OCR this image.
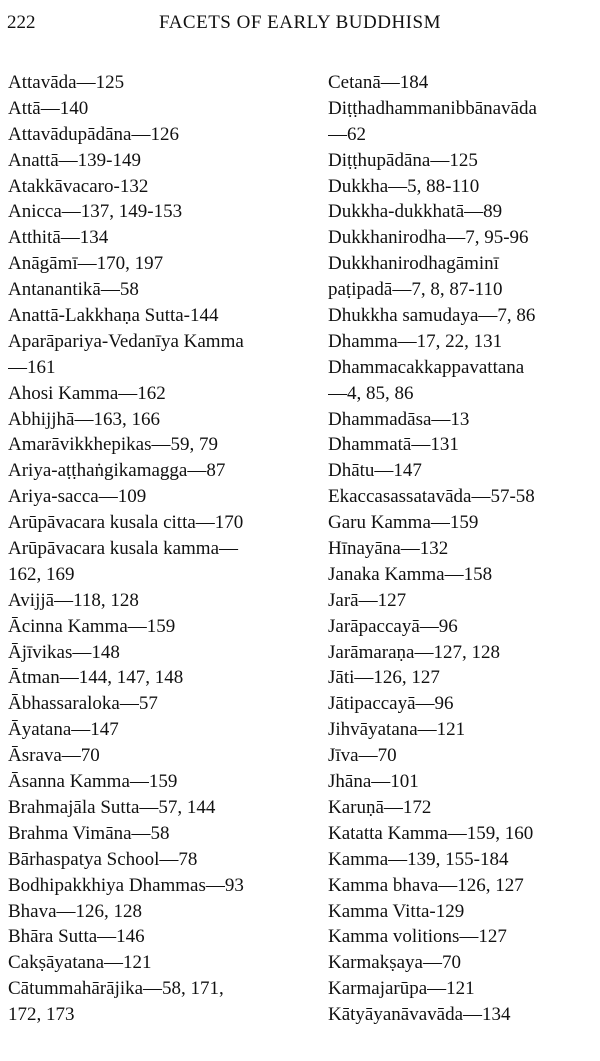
222	FACETS OF EARLY BUDDHISM
Attavāda—125
Attā—140
Attavādupādāna—126
Anattā—139-149
Atakkāvacaro-132
Anicca—137, 149-153
Atthitā—134
Anāgāmī—170, 197
Antanantikā—58
Anattā-Lakkhaṇa Sutta-144
Aparāpariya-Vedanīya Kamma
—161
Ahosi Kamma—162
Abhijjhā—163, 166
Amarāvikkhepikas—59, 79
Ariya-aṭṭhaṅgikamagga—87
Ariya-sacca—109
Arūpāvacara kusala citta—170
Arūpāvacara kusala kamma—
162, 169
Avijjā—118, 128
Ācinna Kamma—159
Ājīvikas—148
Ātman—144, 147, 148
Ābhassaraloka—57
Āyatana—147
Āsrava—70
Āsanna Kamma—159
Brahmajāla Sutta—57, 144
Brahma Vimāna—58
Bārhaspatya School—78
Bodhipakkhiya Dhammas—93
Bhava—126, 128
Bhāra Sutta—146
Cakṣāyatana—121
Cātummahārājika—58, 171,
172, 173
Cetanā—184
Diṭṭhadhammanibbānavāda
—62
Diṭṭhupādāna—125
Dukkha—5, 88-110
Dukkha-dukkhatā—89
Dukkhanirodha—7, 95-96
Dukkhanirodhagāminī
paṭipadā—7, 8, 87-110
Dhukkha samudaya—7, 86
Dhamma—17, 22, 131
Dhammacakkappavattana
—4, 85, 86
Dhammadāsa—13
Dhammatā—131
Dhātu—147
Ekaccasassatavāda—57-58
Garu Kamma—159
Hīnayāna—132
Janaka Kamma—158
Jarā—127
Jarāpaccayā—96
Jarāmaraṇa—127, 128
Jāti—126, 127
Jātipaccayā—96
Jihvāyatana—121
Jīva—70
Jhāna—101
Karuṇā—172
Katatta Kamma—159, 160
Kamma—139, 155-184
Kamma bhava—126, 127
Kamma Vitta-129
Kamma volitions—127
Karmakṣaya—70
Karmajarūpa—121
Kātyāyanāvavāda—134
